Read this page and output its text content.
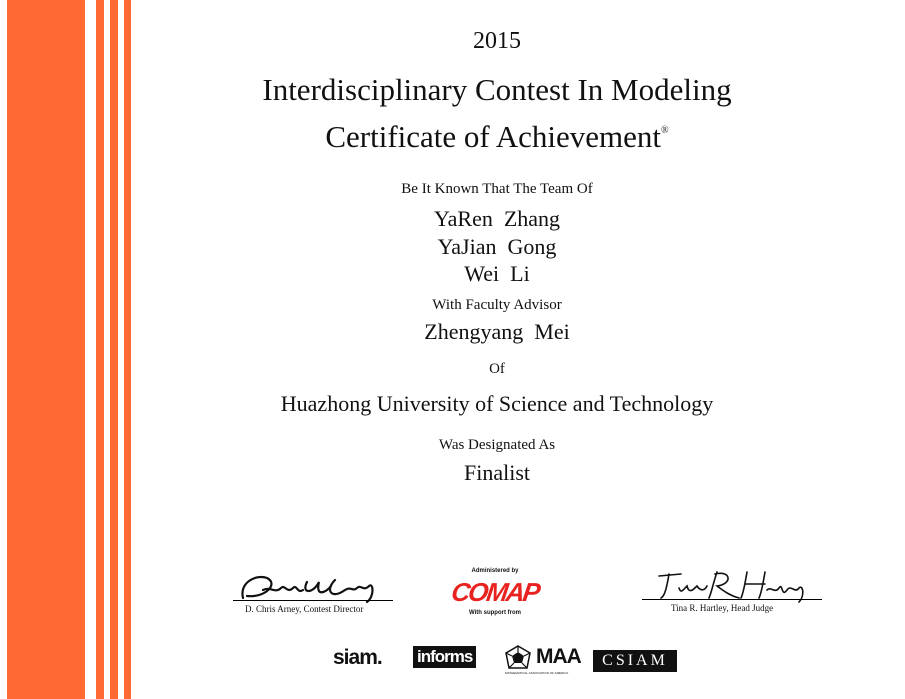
2015
Interdisciplinary Contest In Modeling
Certificate of Achievement®
Be It Known That The Team Of
YaRen  Zhang
YaJian  Gong
Wei  Li
With Faculty Advisor
Zhengyang  Mei
Of
Huazhong University of Science and Technology
Was Designated As
Finalist
D. Chris Arney, Contest Director
Administered by
COMAP
With support from	Tina R. Hartley, Head Judge
siam. informs	MAA
MATHEMATICAL ASSOCIATION OF AMERICA
CSIAM
